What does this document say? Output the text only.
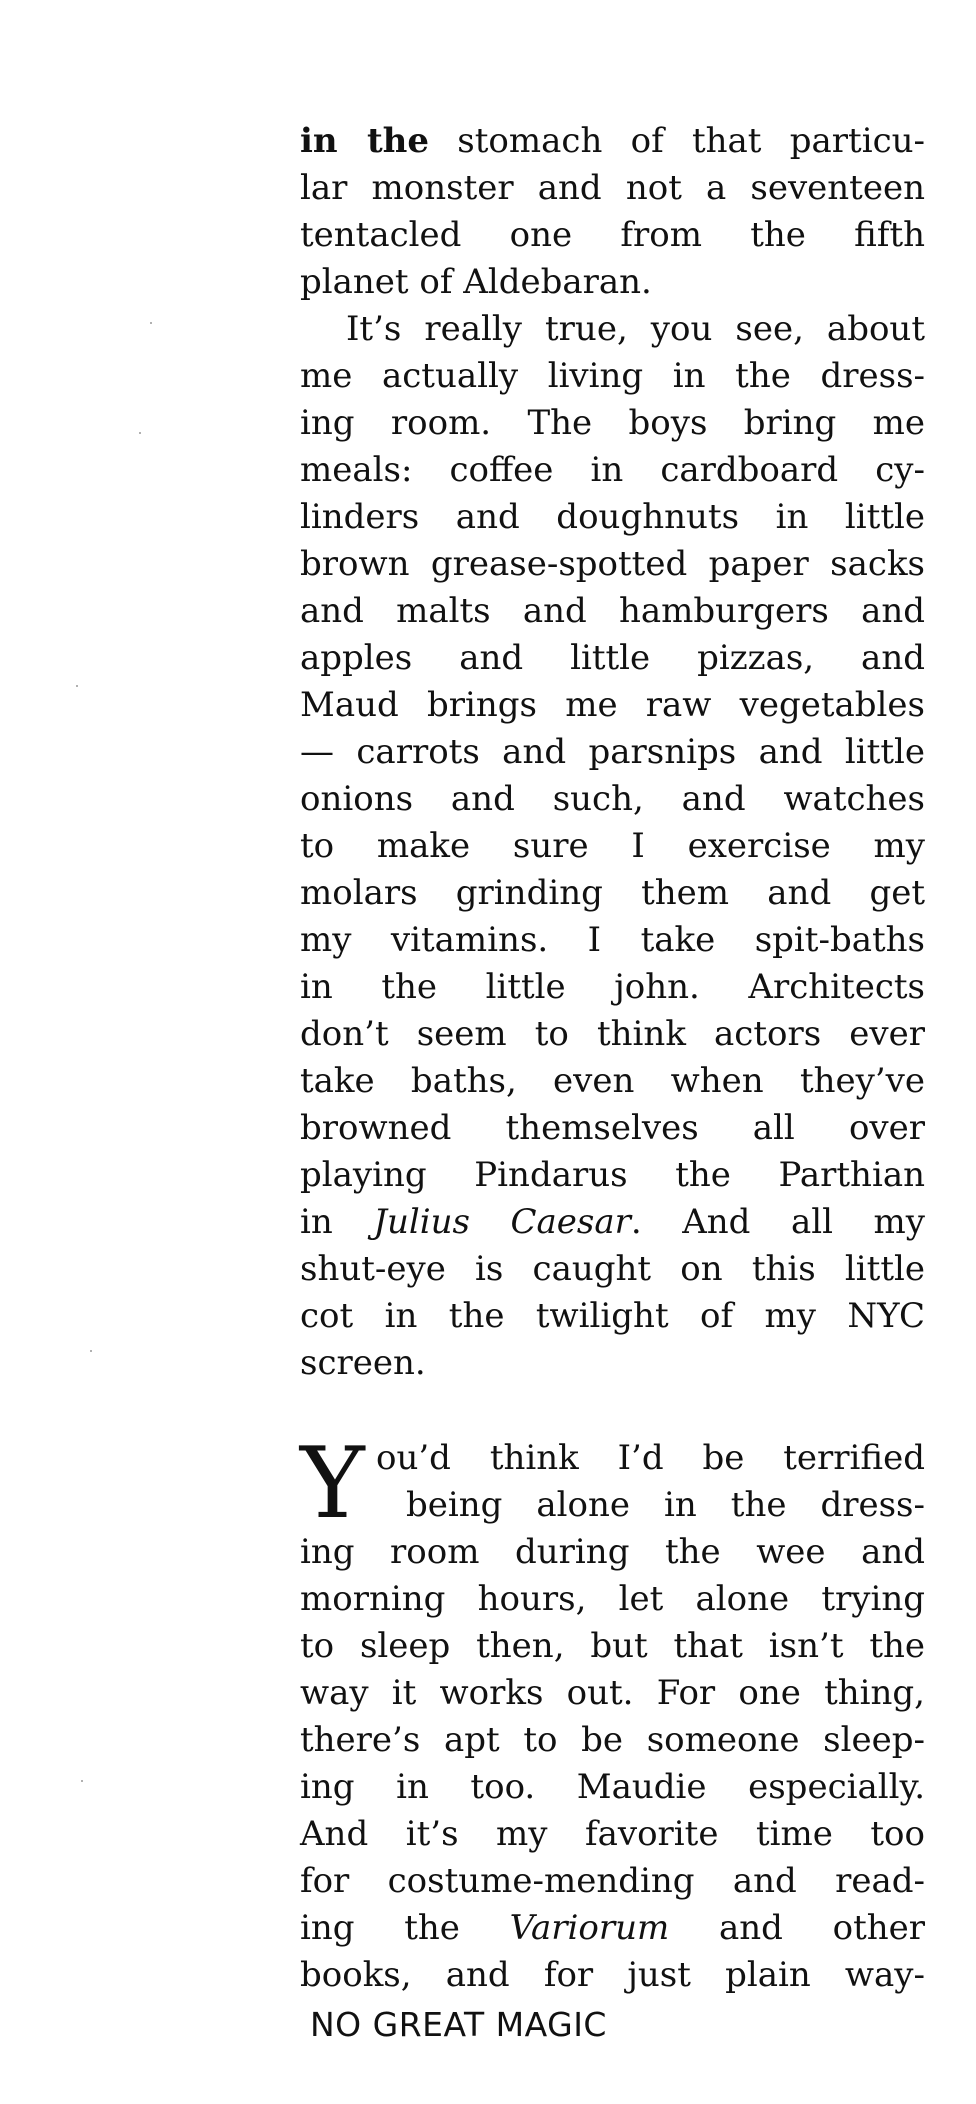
in the stomach of that particu-
lar monster and not a seventeen
tentacled one from the fifth
planet of Aldebaran.
It’s really true, you see, about
me actually living in the dress-
ing room. The boys bring me
meals: coffee in cardboard cy-
linders and doughnuts in little
brown grease-spotted paper sacks
and malts and hamburgers and
apples and little pizzas, and
Maud brings me raw vegetables
— carrots and parsnips and little
onions and such, and watches
to make sure I exercise my
molars grinding them and get
my vitamins. I take spit-baths
in the little john. Architects
don’t seem to think actors ever
take baths, even when they’ve
browned themselves all over
playing Pindarus the Parthian
in Julius Caesar. And all my
shut-eye is caught on this little
cot in the twilight of my NYC
screen.
Y ou’d think I’d be terrified
being alone in the dress-
ing room during the wee and
morning hours, let alone trying
to sleep then, but that isn’t the
way it works out. For one thing,
there’s apt to be someone sleep-
ing in too. Maudie especially.
And it’s my favorite time too
for costume-mending and read-
ing the Variorum and other
books, and for just plain way-
NO GREAT MAGIC
